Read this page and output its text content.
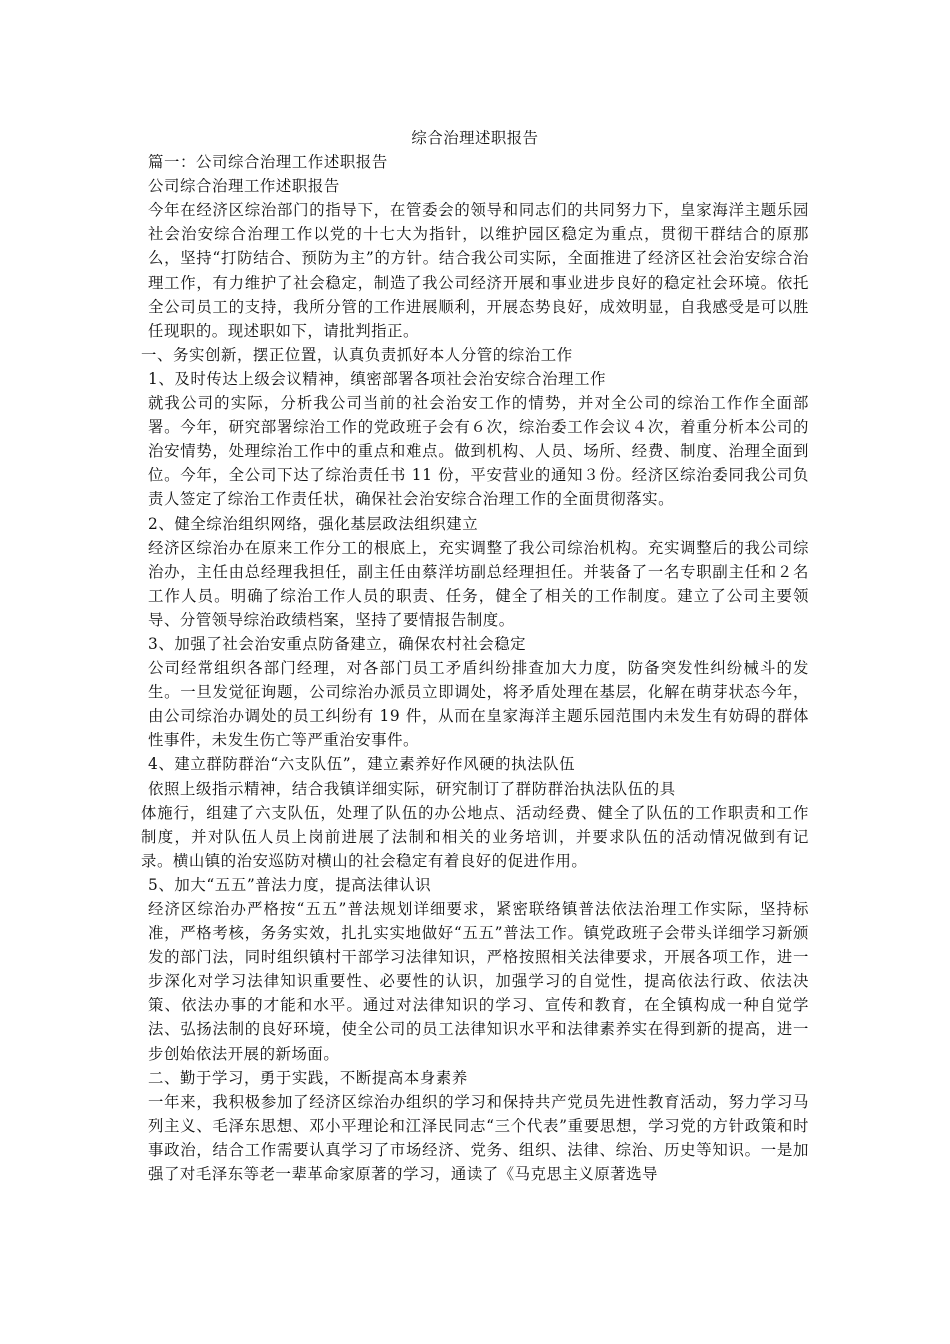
综合治理述职报告

篇一：公司综合治理工作述职报告

公司综合治理工作述职报告

今年在经济区综治部门的指导下，在管委会的领导和同志们的共同努力下，皇家海洋主题乐园社会治安综合治理工作以党的十七大为指针，以维护园区稳定为重点，贯彻干群结合的原那么，坚持“打防结合、预防为主”的方针。结合我公司实际，全面推进了经济区社会治安综合治理工作，有力维护了社会稳定，制造了我公司经济开展和事业进步良好的稳定社会环境。依托全公司员工的支持，我所分管的工作进展顺利，开展态势良好，成效明显，自我感受是可以胜任现职的。现述职如下，请批判指正。

一、务实创新，摆正位置，认真负责抓好本人分管的综治工作

1、及时传达上级会议精神，缜密部署各项社会治安综合治理工作

就我公司的实际，分析我公司当前的社会治安工作的情势，并对全公司的综治工作作全面部署。今年，研究部署综治工作的党政班子会有６次，综治委工作会议４次，着重分析本公司的治安情势，处理综治工作中的重点和难点。做到机构、人员、场所、经费、制度、治理全面到位。今年，全公司下达了综治责任书 11 份，平安营业的通知３份。经济区综治委同我公司负责人签定了综治工作责任状，确保社会治安综合治理工作的全面贯彻落实。

2、健全综治组织网络，强化基层政法组织建立

经济区综治办在原来工作分工的根底上，充实调整了我公司综治机构。充实调整后的我公司综治办，主任由总经理我担任，副主任由蔡洋坊副总经理担任。并装备了一名专职副主任和２名工作人员。明确了综治工作人员的职责、任务，健全了相关的工作制度。建立了公司主要领导、分管领导综治政绩档案，坚持了要情报告制度。

3、加强了社会治安重点防备建立，确保农村社会稳定

公司经常组织各部门经理，对各部门员工矛盾纠纷排查加大力度，防备突发性纠纷械斗的发生。一旦发觉征询题，公司综治办派员立即调处，将矛盾处理在基层，化解在萌芽状态今年，由公司综治办调处的员工纠纷有 19 件，从而在皇家海洋主题乐园范围内未发生有妨碍的群体性事件，未发生伤亡等严重治安事件。

4、建立群防群治“六支队伍”，建立素养好作风硬的执法队伍

依照上级指示精神，结合我镇详细实际，研究制订了群防群治执法队伍的具

体施行，组建了六支队伍，处理了队伍的办公地点、活动经费、健全了队伍的工作职责和工作制度，并对队伍人员上岗前进展了法制和相关的业务培训，并要求队伍的活动情况做到有记录。横山镇的治安巡防对横山的社会稳定有着良好的促进作用。

5、加大“五五”普法力度，提高法律认识

经济区综治办严格按“五五”普法规划详细要求，紧密联络镇普法依法治理工作实际，坚持标准，严格考核，务务实效，扎扎实实地做好“五五”普法工作。镇党政班子会带头详细学习新颁发的部门法，同时组织镇村干部学习法律知识，严格按照相关法律要求，开展各项工作，进一步深化对学习法律知识重要性、必要性的认识，加强学习的自觉性，提高依法行政、依法决策、依法办事的才能和水平。通过对法律知识的学习、宣传和教育，在全镇构成一种自觉学法、弘扬法制的良好环境，使全公司的员工法律知识水平和法律素养实在得到新的提高，进一步创始依法开展的新场面。

二、勤于学习，勇于实践，不断提高本身素养

一年来，我积极参加了经济区综治办组织的学习和保持共产党员先进性教育活动，努力学习马列主义、毛泽东思想、邓小平理论和江泽民同志“三个代表”重要思想，学习党的方针政策和时事政治，结合工作需要认真学习了市场经济、党务、组织、法律、综治、历史等知识。一是加强了对毛泽东等老一辈革命家原著的学习，通读了《马克思主义原著选导
